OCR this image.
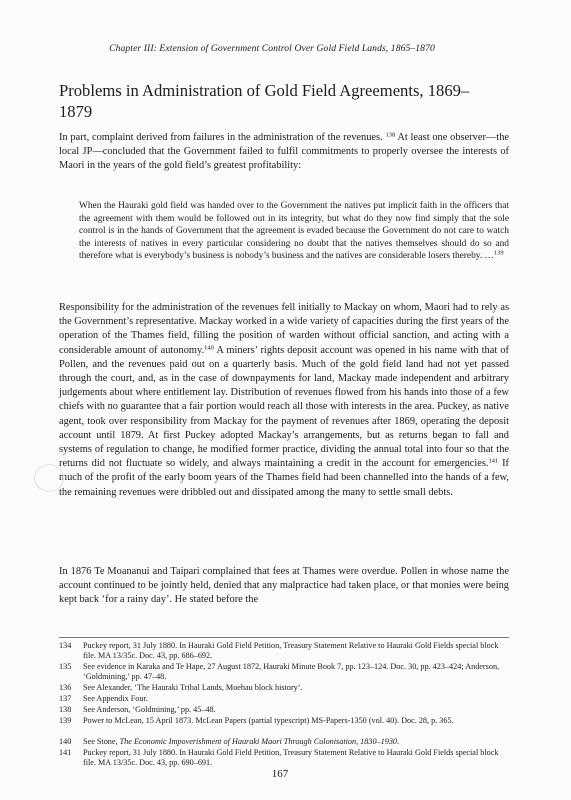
Chapter III: Extension of Government Control Over Gold Field Lands, 1865–1870
Problems in Administration of Gold Field Agreements, 1869–1879

In part, complaint derived from failures in the administration of the revenues. $^{138}$ At least one observer—the local JP—concluded that the Government failed to fulfil commitments to properly oversee the interests of Maori in the years of the gold field’s greatest profitability:

When the Hauraki gold field was handed over to the Government the natives put implicit faith in the officers that the agreement with them would be followed out in its integrity, but what do they now find simply that the sole control is in the hands of Government that the agreement is evaded because the Government do not care to watch the interests of natives in every particular considering no doubt that the natives themselves should do so and therefore what is everybody’s business is nobody’s business and the natives are considerable losers thereby. …$^{139}$

Responsibility for the administration of the revenues fell initially to Mackay on whom, Maori had to rely as the Government’s representative. Mackay worked in a wide variety of capacities during the first years of the operation of the Thames field, filling the position of warden without official sanction, and acting with a considerable amount of autonomy.$^{140}$ A miners’ rights deposit account was opened in his name with that of Pollen, and the revenues paid out on a quarterly basis. Much of the gold field land had not yet passed through the court, and, as in the case of downpayments for land, Mackay made independent and arbitrary judgements about where entitlement lay. Distribution of revenues flowed from his hands into those of a few chiefs with no guarantee that a fair portion would reach all those with interests in the area. Puckey, as native agent, took over responsibility from Mackay for the payment of revenues after 1869, operating the deposit account until 1879. At first Puckey adopted Mackay’s arrangements, but as returns began to fall and systems of regulation to change, he modified former practice, dividing the annual total into four so that the returns did not fluctuate so widely, and always maintaining a credit in the account for emergencies.$^{141}$ If much of the profit of the early boom years of the Thames field had been channelled into the hands of a few, the remaining revenues were dribbled out and dissipated among the many to settle small debts.

In 1876 Te Moananui and Taipari complained that fees at Thames were overdue. Pollen in whose name the account continued to be jointly held, denied that any malpractice had taken place, or that monies were being kept back ‘for a rainy day’. He stated before the

134	Puckey report, 31 July 1880. In Hauraki Gold Field Petition, Treasury Statement Relative to Hauraki Gold Fields special block file. MA 13/35c. Doc. 43, pp. 686–692.
135	See evidence in Karaka and Te Hape, 27 August 1872, Hauraki Minute Book 7, pp. 123–124. Doc. 30, pp. 423–424; Anderson, ‘Goldmining,’ pp. 47–48.
136	See Alexander, ‘The Hauraki Tribal Lands, Moehau block history’.
137	See Appendix Four.
138	See Anderson, ‘Goldmining,’ pp. 45–48.
139	Power to McLean, 15 April 1873. McLean Papers (partial typescript) MS-Papers-1350 (vol. 40). Doc. 28, p. 365.
140	See Stone, The Economic Impoverishment of Hauraki Maori Through Colonisation, 1830–1930.
141	Puckey report, 31 July 1880. In Hauraki Gold Field Petition, Treasury Statement Relative to Hauraki Gold Fields special block file. MA 13/35c. Doc. 43, pp. 690–691.
167
